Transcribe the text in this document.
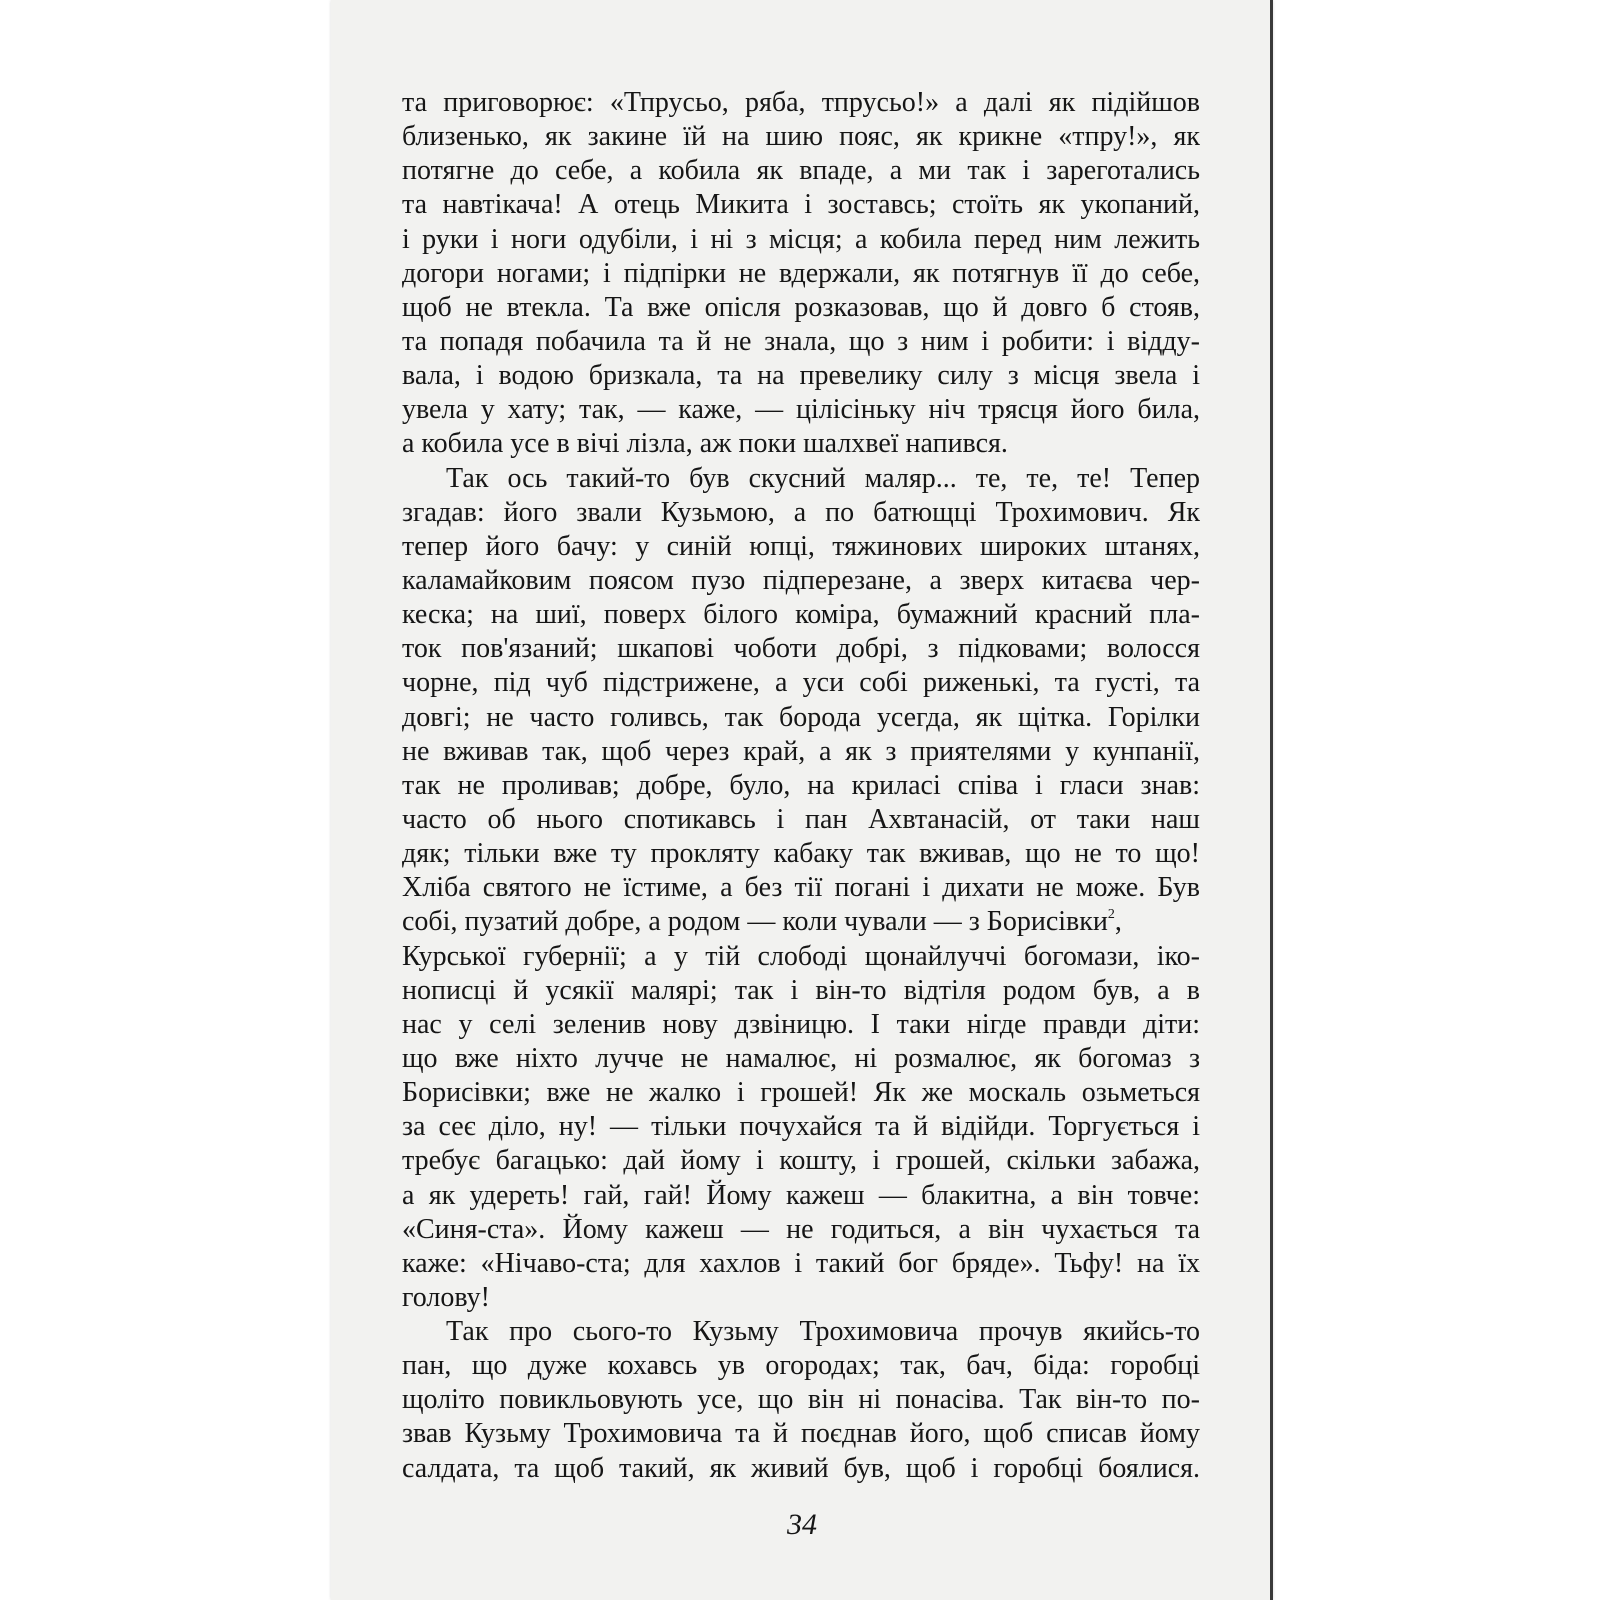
та приговорює: «Тпрусьо, ряба, тпрусьо!» а далі як підійшов
близенько, як закине їй на шию пояс, як крикне «тпру!», як
потягне до себе, а кобила як впаде, а ми так і зареготались
та навтікача! А отець Микита і зоставсь; стоїть як укопаний,
і руки і ноги одубіли, і ні з місця; а кобила перед ним лежить
догори ногами; і підпірки не вдержали, як потягнув її до себе,
щоб не втекла. Та вже опісля розказовав, що й довго б стояв,
та попадя побачила та й не знала, що з ним і робити: і відду-
вала, і водою бризкала, та на превелику силу з місця звела і
увела у хату; так, — каже, — цілісіньку ніч трясця його била,
а кобила усе в вічі лізла, аж поки шалхвеї напився.
Так ось такий-то був скусний маляр... те, те, те! Тепер
згадав: його звали Кузьмою, а по батющці Трохимович. Як
тепер його бачу: у синій юпці, тяжинових широких штанях,
каламайковим поясом пузо підперезане, а зверх китаєва чер-
кеска; на шиї, поверх білого коміра, бумажний красний пла-
ток пов'язаний; шкапові чоботи добрі, з підковами; волосся
чорне, під чуб підстрижене, а уси собі риженькі, та густі, та
довгі; не часто голивсь, так борода усегда, як щітка. Горілки
не вживав так, щоб через край, а як з приятелями у кунпанії,
так не проливав; добре, було, на криласі співа і гласи знав:
часто об нього спотикавсь і пан Ахвтанасій, от таки наш
дяк; тільки вже ту прокляту кабаку так вживав, що не то що!
Хліба святого не їстиме, а без тії погані і дихати не може. Був
собі, пузатий добре, а родом — коли чували — з Борисівки$^2$,
Курської губернії; а у тій слободі щонайлуччі богомази, іко-
нописці й усякії малярі; так і він-то відтіля родом був, а в
нас у селі зеленив нову дзвіницю. І таки нігде правди діти:
що вже ніхто лучче не намалює, ні розмалює, як богомаз з
Борисівки; вже не жалко і грошей! Як же москаль озьметься
за сеє діло, ну! — тільки почухайся та й відійди. Торгується і
требує багацько: дай йому і кошту, і грошей, скільки забажа,
а як удереть! гай, гай! Йому кажеш — блакитна, а він товче:
«Синя-ста». Йому кажеш — не годиться, а він чухається та
каже: «Нічаво-ста; для хахлов і такий бог бряде». Тьфу! на їх
голову!
Так про сього-то Кузьму Трохимовича прочув якийсь-то
пан, що дуже кохавсь ув огородах; так, бач, біда: горобці
щоліто повикльовують усе, що він ні понасіва. Так він-то по-
звав Кузьму Трохимовича та й поєднав його, щоб списав йому
салдата, та щоб такий, як живий був, щоб і горобці боялися.
34
